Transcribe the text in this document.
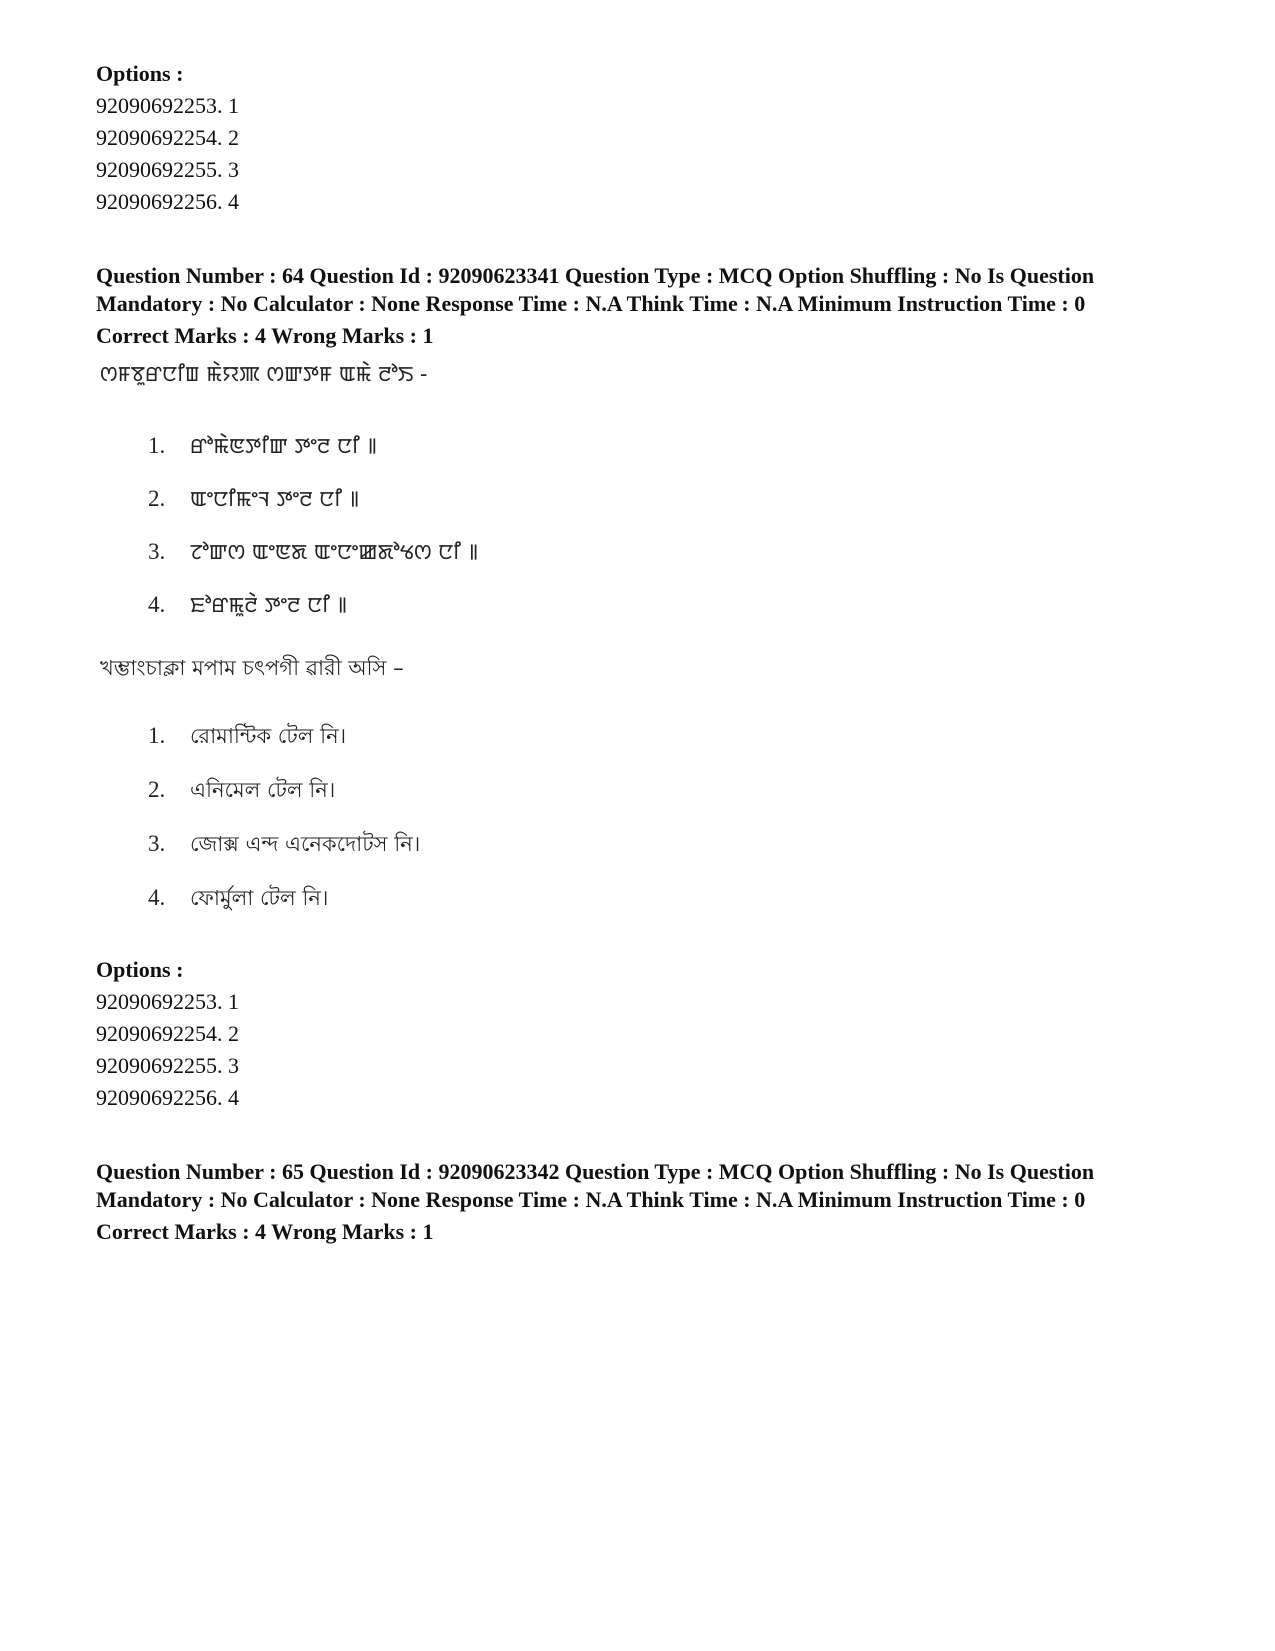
Options :
92090692253. 1
92090692254. 2
92090692255. 3
92090692256. 4
Question Number : 64 Question Id : 92090623341 Question Type : MCQ Option Shuffling : No Is Question
Mandatory : No Calculator : None Response Time : N.A Think Time : N.A Minimum Instruction Time : 0
Correct Marks : 4 Wrong Marks : 1
ꯁꯝꯕꯨꯔꯅꯤꯡ ꯃꯥꯌꯄ ꯁꯛꯇꯝ ꯑꯃꯥ ꯂꯣꯏ -
1. ꯔꯣꯃꯥꯟꯇꯤꯛ ꯇꯦꯂ ꯅꯤ ꯫
2. ꯑꯦꯅꯤꯃꯦꯜ ꯇꯦꯂ ꯅꯤ ꯫
3. ꯖꯣꯛꯁ ꯑꯦꯟꯗ ꯑꯦꯅꯦꯀꯗꯣꯠꯁ ꯅꯤ ꯫
4. ꯐꯣꯔꯃꯨꯂꯥ ꯇꯦꯂ ꯅꯤ ꯫
খম্ভাংচাক্লা মপাম চৎপগী ৱারী অসি –
1. রোমান্টিক টেল নি।
2. এনিমেল টেল নি।
3. জোক্স এন্দ এনেকদোটস নি।
4. ফোর্মুলা টেল নি।
Options :
92090692253. 1
92090692254. 2
92090692255. 3
92090692256. 4
Question Number : 65 Question Id : 92090623342 Question Type : MCQ Option Shuffling : No Is Question
Mandatory : No Calculator : None Response Time : N.A Think Time : N.A Minimum Instruction Time : 0
Correct Marks : 4 Wrong Marks : 1
